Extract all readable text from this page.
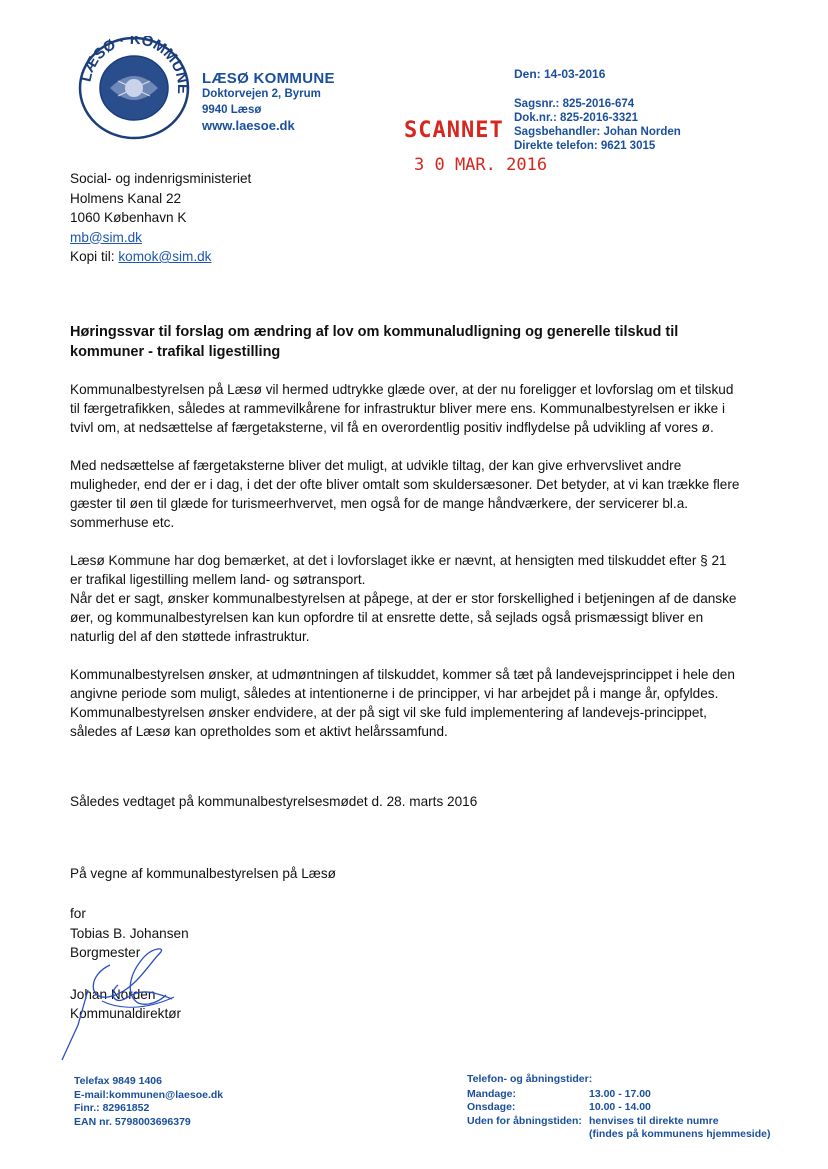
LÆSØ · KOMMUNE
LÆSØ KOMMUNE
Doktorvejen 2, Byrum
9940 Læsø
www.laesoe.dk
Den: 14-03-2016
Sagsnr.: 825-2016-674
Dok.nr.: 825-2016-3321
Sagsbehandler: Johan Norden
Direkte telefon: 9621 3015
SCANNET
3 0 MAR. 2016
Social- og indenrigsministeriet
Holmens Kanal 22
1060 København K
mb@sim.dk
Kopi til: komok@sim.dk
Høringssvar til forslag om ændring af lov om kommunaludligning og generelle tilskud til kommuner - trafikal ligestilling

Kommunalbestyrelsen på Læsø vil hermed udtrykke glæde over, at der nu foreligger et lovforslag om et tilskud til færgetrafikken, således at rammevilkårene for infrastruktur bliver mere ens. Kommunalbestyrelsen er ikke i tvivl om, at nedsættelse af færgetaksterne, vil få en overordentlig positiv indflydelse på udvikling af vores ø.

Med nedsættelse af færgetaksterne bliver det muligt, at udvikle tiltag, der kan give erhvervslivet andre muligheder, end der er i dag, i det der ofte bliver omtalt som skuldersæsoner. Det betyder, at vi kan trække flere gæster til øen til glæde for turismeerhvervet, men også for de mange håndværkere, der servicerer bl.a. sommerhuse etc.

Læsø Kommune har dog bemærket, at det i lovforslaget ikke er nævnt, at hensigten med tilskuddet efter § 21 er trafikal ligestilling mellem land- og søtransport.

Når det er sagt, ønsker kommunalbestyrelsen at påpege, at der er stor forskellighed i betjeningen af de danske øer, og kommunalbestyrelsen kan kun opfordre til at ensrette dette, så sejlads også prismæssigt bliver en naturlig del af den støttede infrastruktur.

Kommunalbestyrelsen ønsker, at udmøntningen af tilskuddet, kommer så tæt på landevejsprincippet i hele den angivne periode som muligt, således at intentionerne i de principper, vi har arbejdet på i mange år, opfyldes. Kommunalbestyrelsen ønsker endvidere, at der på sigt vil ske fuld implementering af landevejs-princippet, således af Læsø kan opretholdes som et aktivt helårssamfund.

Således vedtaget på kommunalbestyrelsesmødet d. 28. marts 2016
På vegne af kommunalbestyrelsen på Læsø
for
Tobias B. Johansen
Borgmester
Johan Norden
Kommunaldirektør
Telefax 9849 1406
E-mail:kommunen@laesoe.dk
Finr.: 82961852
EAN nr. 5798003696379
Telefon- og åbningstider:
Mandage:	13.00 - 17.00
Onsdage:	10.00 - 14.00
Uden for åbningstiden: henvises til direkte numre
(findes på kommunens hjemmeside)
